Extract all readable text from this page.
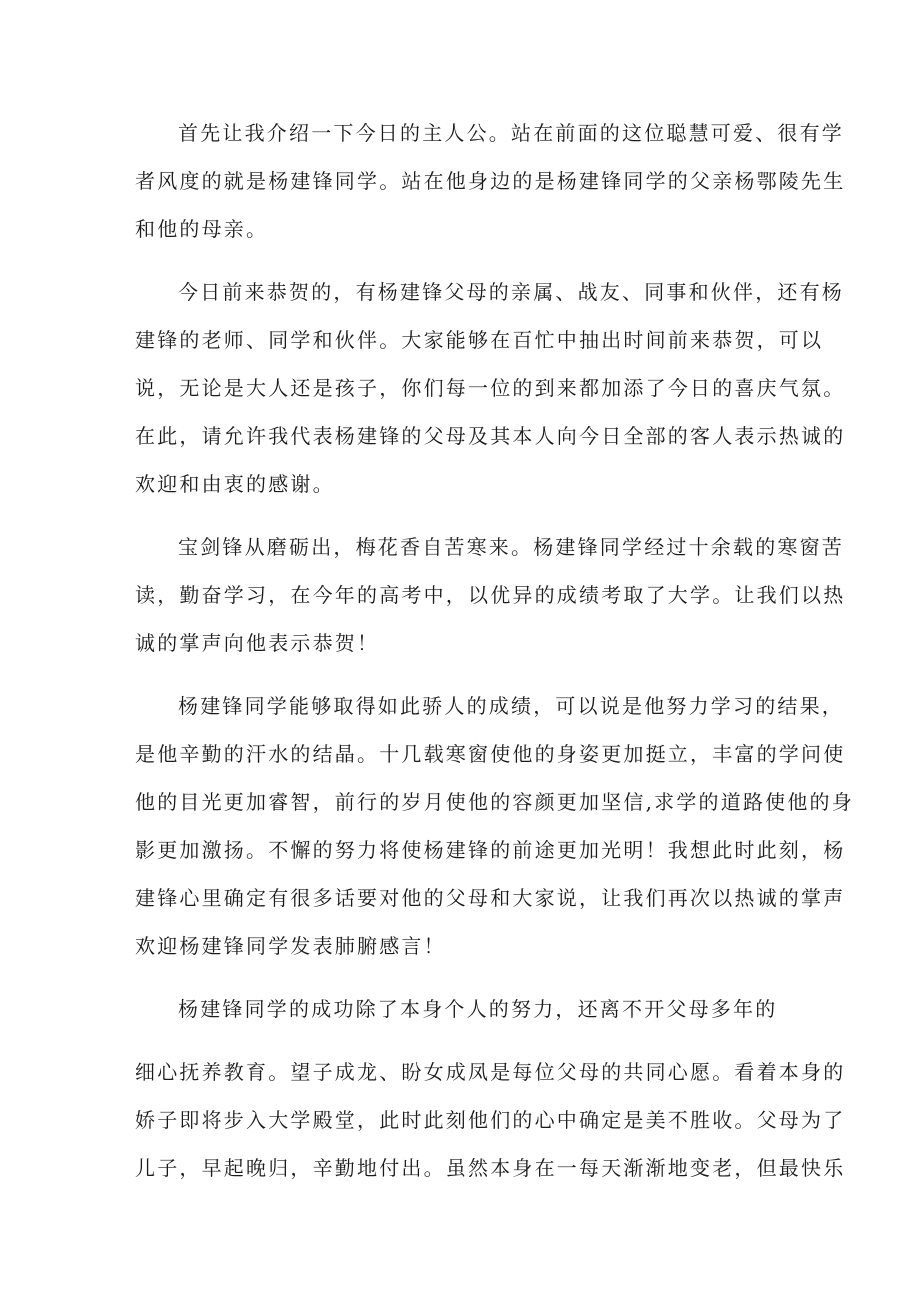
首先让我介绍一下今日的主人公。站在前面的这位聪慧可爱、很有学
者风度的就是杨建锋同学。站在他身边的是杨建锋同学的父亲杨鄂陵先生
和他的母亲。
今日前来恭贺的，有杨建锋父母的亲属、战友、同事和伙伴，还有杨
建锋的老师、同学和伙伴。大家能够在百忙中抽出时间前来恭贺，可以
说，无论是大人还是孩子，你们每一位的到来都加添了今日的喜庆气氛。
在此，请允许我代表杨建锋的父母及其本人向今日全部的客人表示热诚的
欢迎和由衷的感谢。
宝剑锋从磨砺出，梅花香自苦寒来。杨建锋同学经过十余载的寒窗苦
读，勤奋学习，在今年的高考中，以优异的成绩考取了大学。让我们以热
诚的掌声向他表示恭贺！
杨建锋同学能够取得如此骄人的成绩，可以说是他努力学习的结果，
是他辛勤的汗水的结晶。十几载寒窗使他的身姿更加挺立，丰富的学问使
他的目光更加睿智，前行的岁月使他的容颜更加坚信,求学的道路使他的身
影更加激扬。不懈的努力将使杨建锋的前途更加光明！我想此时此刻，杨
建锋心里确定有很多话要对他的父母和大家说，让我们再次以热诚的掌声
欢迎杨建锋同学发表肺腑感言！
杨建锋同学的成功除了本身个人的努力，还离不开父母多年的
细心抚养教育。望子成龙、盼女成凤是每位父母的共同心愿。看着本身的
娇子即将步入大学殿堂，此时此刻他们的心中确定是美不胜收。父母为了
儿子，早起晚归，辛勤地付出。虽然本身在一每天渐渐地变老，但最快乐
